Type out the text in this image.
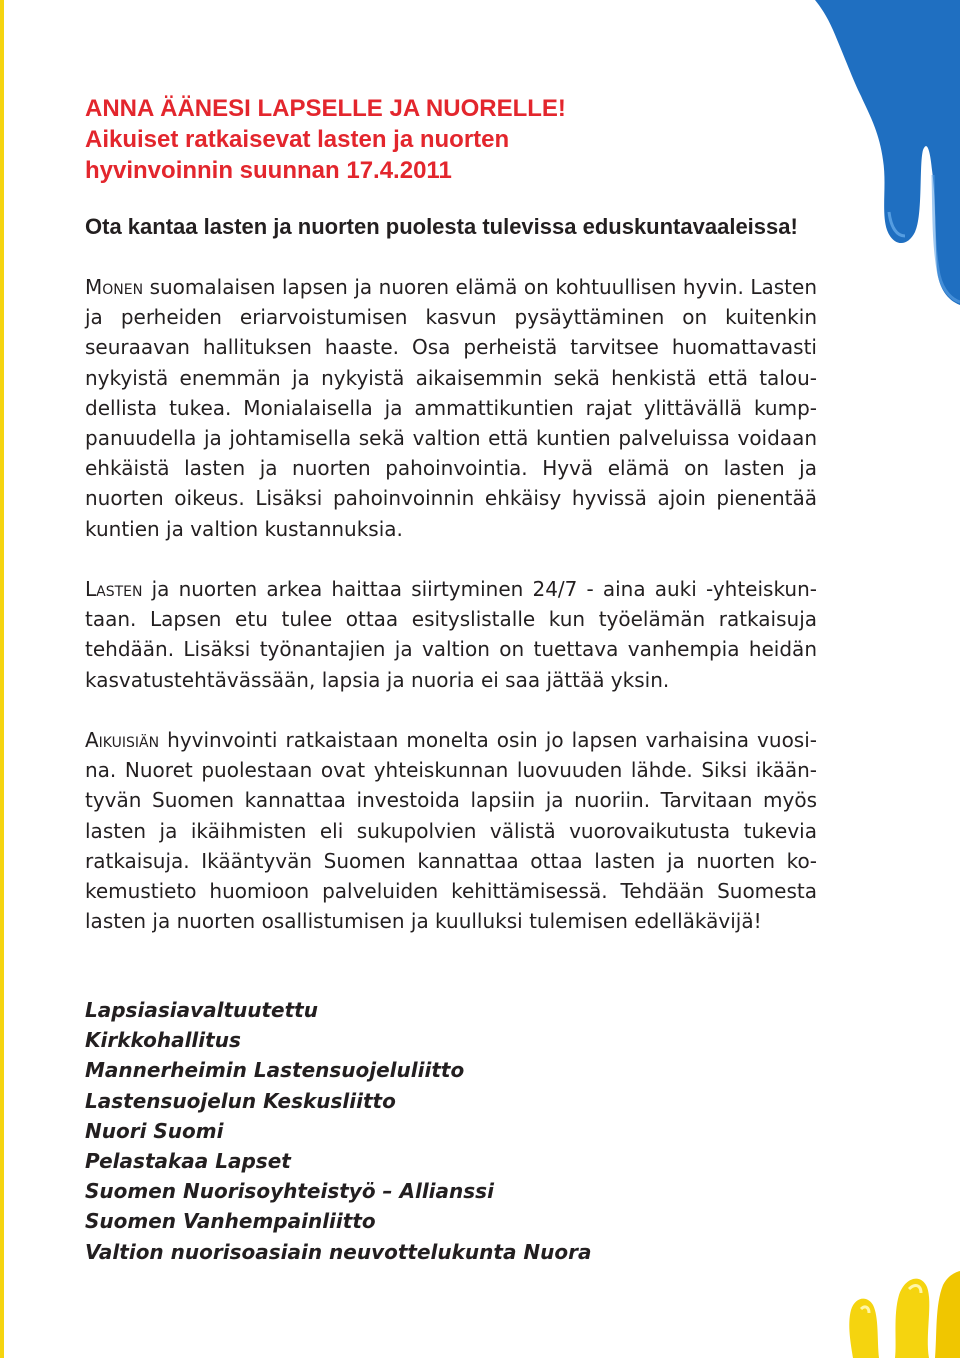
ANNA ÄÄNESI LAPSELLE JA NUORELLE!
Aikuiset ratkaisevat lasten ja nuorten
hyvinvoinnin suunnan 17.4.2011

Ota kantaa lasten ja nuorten puolesta tulevissa eduskuntavaaleissa!

Monen suomalaisen lapsen ja nuoren elämä on kohtuullisen hyvin. Lasten ja perheiden eriarvoistumisen kasvun pysäyttäminen on kuitenkin seuraavan hallituksen haaste. Osa perheistä tarvitsee huomattavasti nykyistä enemmän ja nykyistä aikaisemmin sekä henkistä että taloudellista tukea. Monialaisella ja ammattikuntien rajat ylittävällä kumppanuudella ja johtamisella sekä valtion että kuntien palveluissa voidaan ehkäistä lasten ja nuorten pahoinvointia. Hyvä elämä on lasten ja nuorten oikeus. Lisäksi pahoinvoinnin ehkäisy hyvissä ajoin pienentää kuntien ja valtion kustannuksia.

Lasten ja nuorten arkea haittaa siirtyminen 24/7 - aina auki -yhteiskuntaan. Lapsen etu tulee ottaa esityslistalle kun työelämän ratkaisuja tehdään. Lisäksi työnantajien ja valtion on tuettava vanhempia heidän kasvatustehtävässään, lapsia ja nuoria ei saa jättää yksin.

Aikuisiän hyvinvointi ratkaistaan monelta osin jo lapsen varhaisina vuosina. Nuoret puolestaan ovat yhteiskunnan luovuuden lähde. Siksi ikääntyvän Suomen kannattaa investoida lapsiin ja nuoriin. Tarvitaan myös lasten ja ikäihmisten eli sukupolvien välistä vuorovaikutusta tukevia ratkaisuja. Ikääntyvän Suomen kannattaa ottaa lasten ja nuorten kokemustieto huomioon palveluiden kehittämisessä. Tehdään Suomesta lasten ja nuorten osallistumisen ja kuulluksi tulemisen edelläkävijä!

Lapsiasiavaltuutettu
Kirkkohallitus
Mannerheimin Lastensuojeluliitto
Lastensuojelun Keskusliitto
Nuori Suomi
Pelastakaa Lapset
Suomen Nuorisoyhteistyö – Allianssi
Suomen Vanhempainliitto
Valtion nuorisoasiain neuvottelukunta Nuora
